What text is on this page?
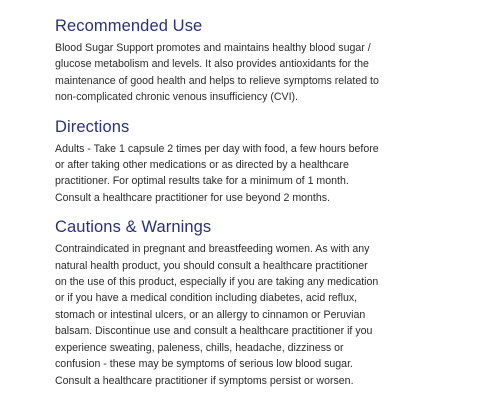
Recommended Use

Blood Sugar Support promotes and maintains healthy blood sugar /
glucose metabolism and levels. It also provides antioxidants for the
maintenance of good health and helps to relieve symptoms related to
non-complicated chronic venous insufficiency (CVI).

Directions

Adults - Take 1 capsule 2 times per day with food, a few hours before
or after taking other medications or as directed by a healthcare
practitioner. For optimal results take for a minimum of 1 month.
Consult a healthcare practitioner for use beyond 2 months.

Cautions & Warnings

Contraindicated in pregnant and breastfeeding women. As with any
natural health product, you should consult a healthcare practitioner
on the use of this product, especially if you are taking any medication
or if you have a medical condition including diabetes, acid reflux,
stomach or intestinal ulcers, or an allergy to cinnamon or Peruvian
balsam. Discontinue use and consult a healthcare practitioner if you
experience sweating, paleness, chills, headache, dizziness or
confusion - these may be symptoms of serious low blood sugar.
Consult a healthcare practitioner if symptoms persist or worsen.
